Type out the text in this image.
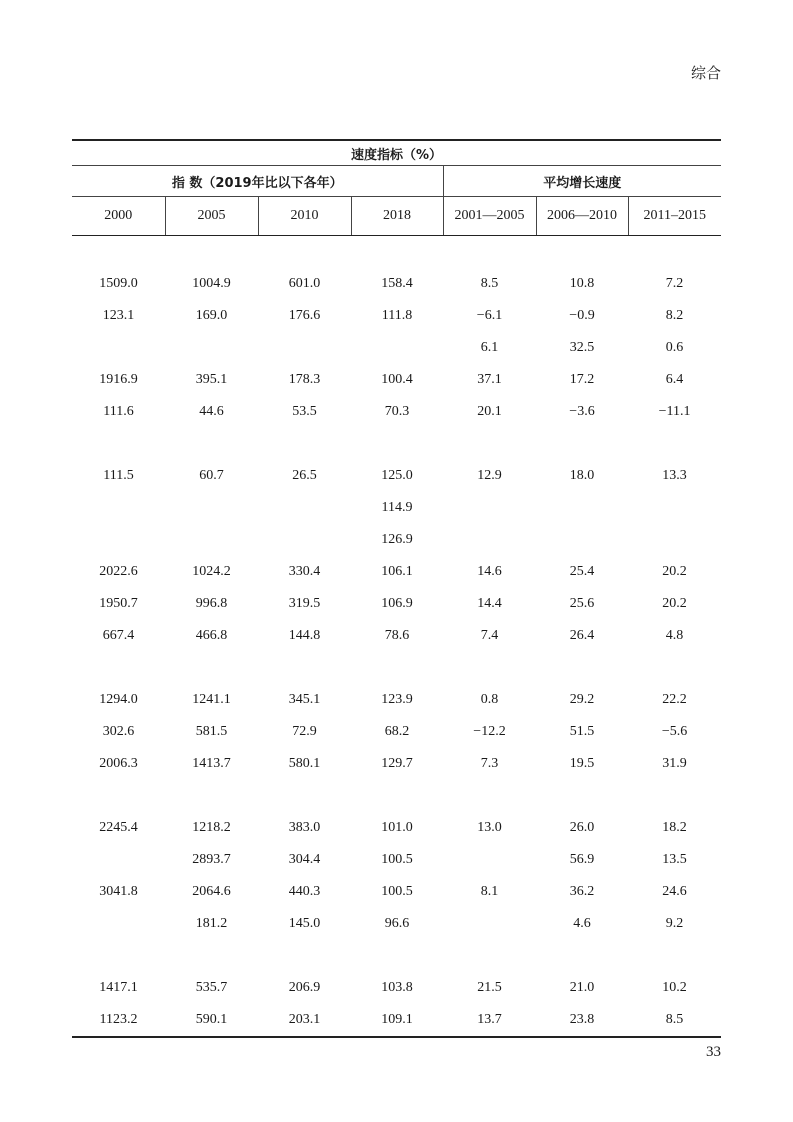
综合
速度指标（%）						
指 数（2019年比以下各年）				平均增长速度		
2000	2005	2010	2018	2001—2005	2006—2010	2011–2015

1509.0	1004.9	601.0	158.4	8.5	10.8	7.2
123.1	169.0	176.6	111.8	−6.1	−0.9	8.2
				6.1	32.5	0.6
1916.9	395.1	178.3	100.4	37.1	17.2	6.4
111.6	44.6	53.5	70.3	20.1	−3.6	−11.1

111.5	60.7	26.5	125.0	12.9	18.0	13.3
			114.9			
			126.9			
2022.6	1024.2	330.4	106.1	14.6	25.4	20.2
1950.7	996.8	319.5	106.9	14.4	25.6	20.2
667.4	466.8	144.8	78.6	7.4	26.4	4.8

1294.0	1241.1	345.1	123.9	0.8	29.2	22.2
302.6	581.5	72.9	68.2	−12.2	51.5	−5.6
2006.3	1413.7	580.1	129.7	7.3	19.5	31.9

2245.4	1218.2	383.0	101.0	13.0	26.0	18.2
	2893.7	304.4	100.5		56.9	13.5
3041.8	2064.6	440.3	100.5	8.1	36.2	24.6
	181.2	145.0	96.6		4.6	9.2

1417.1	535.7	206.9	103.8	21.5	21.0	10.2
1123.2	590.1	203.1	109.1	13.7	23.8	8.5
33
